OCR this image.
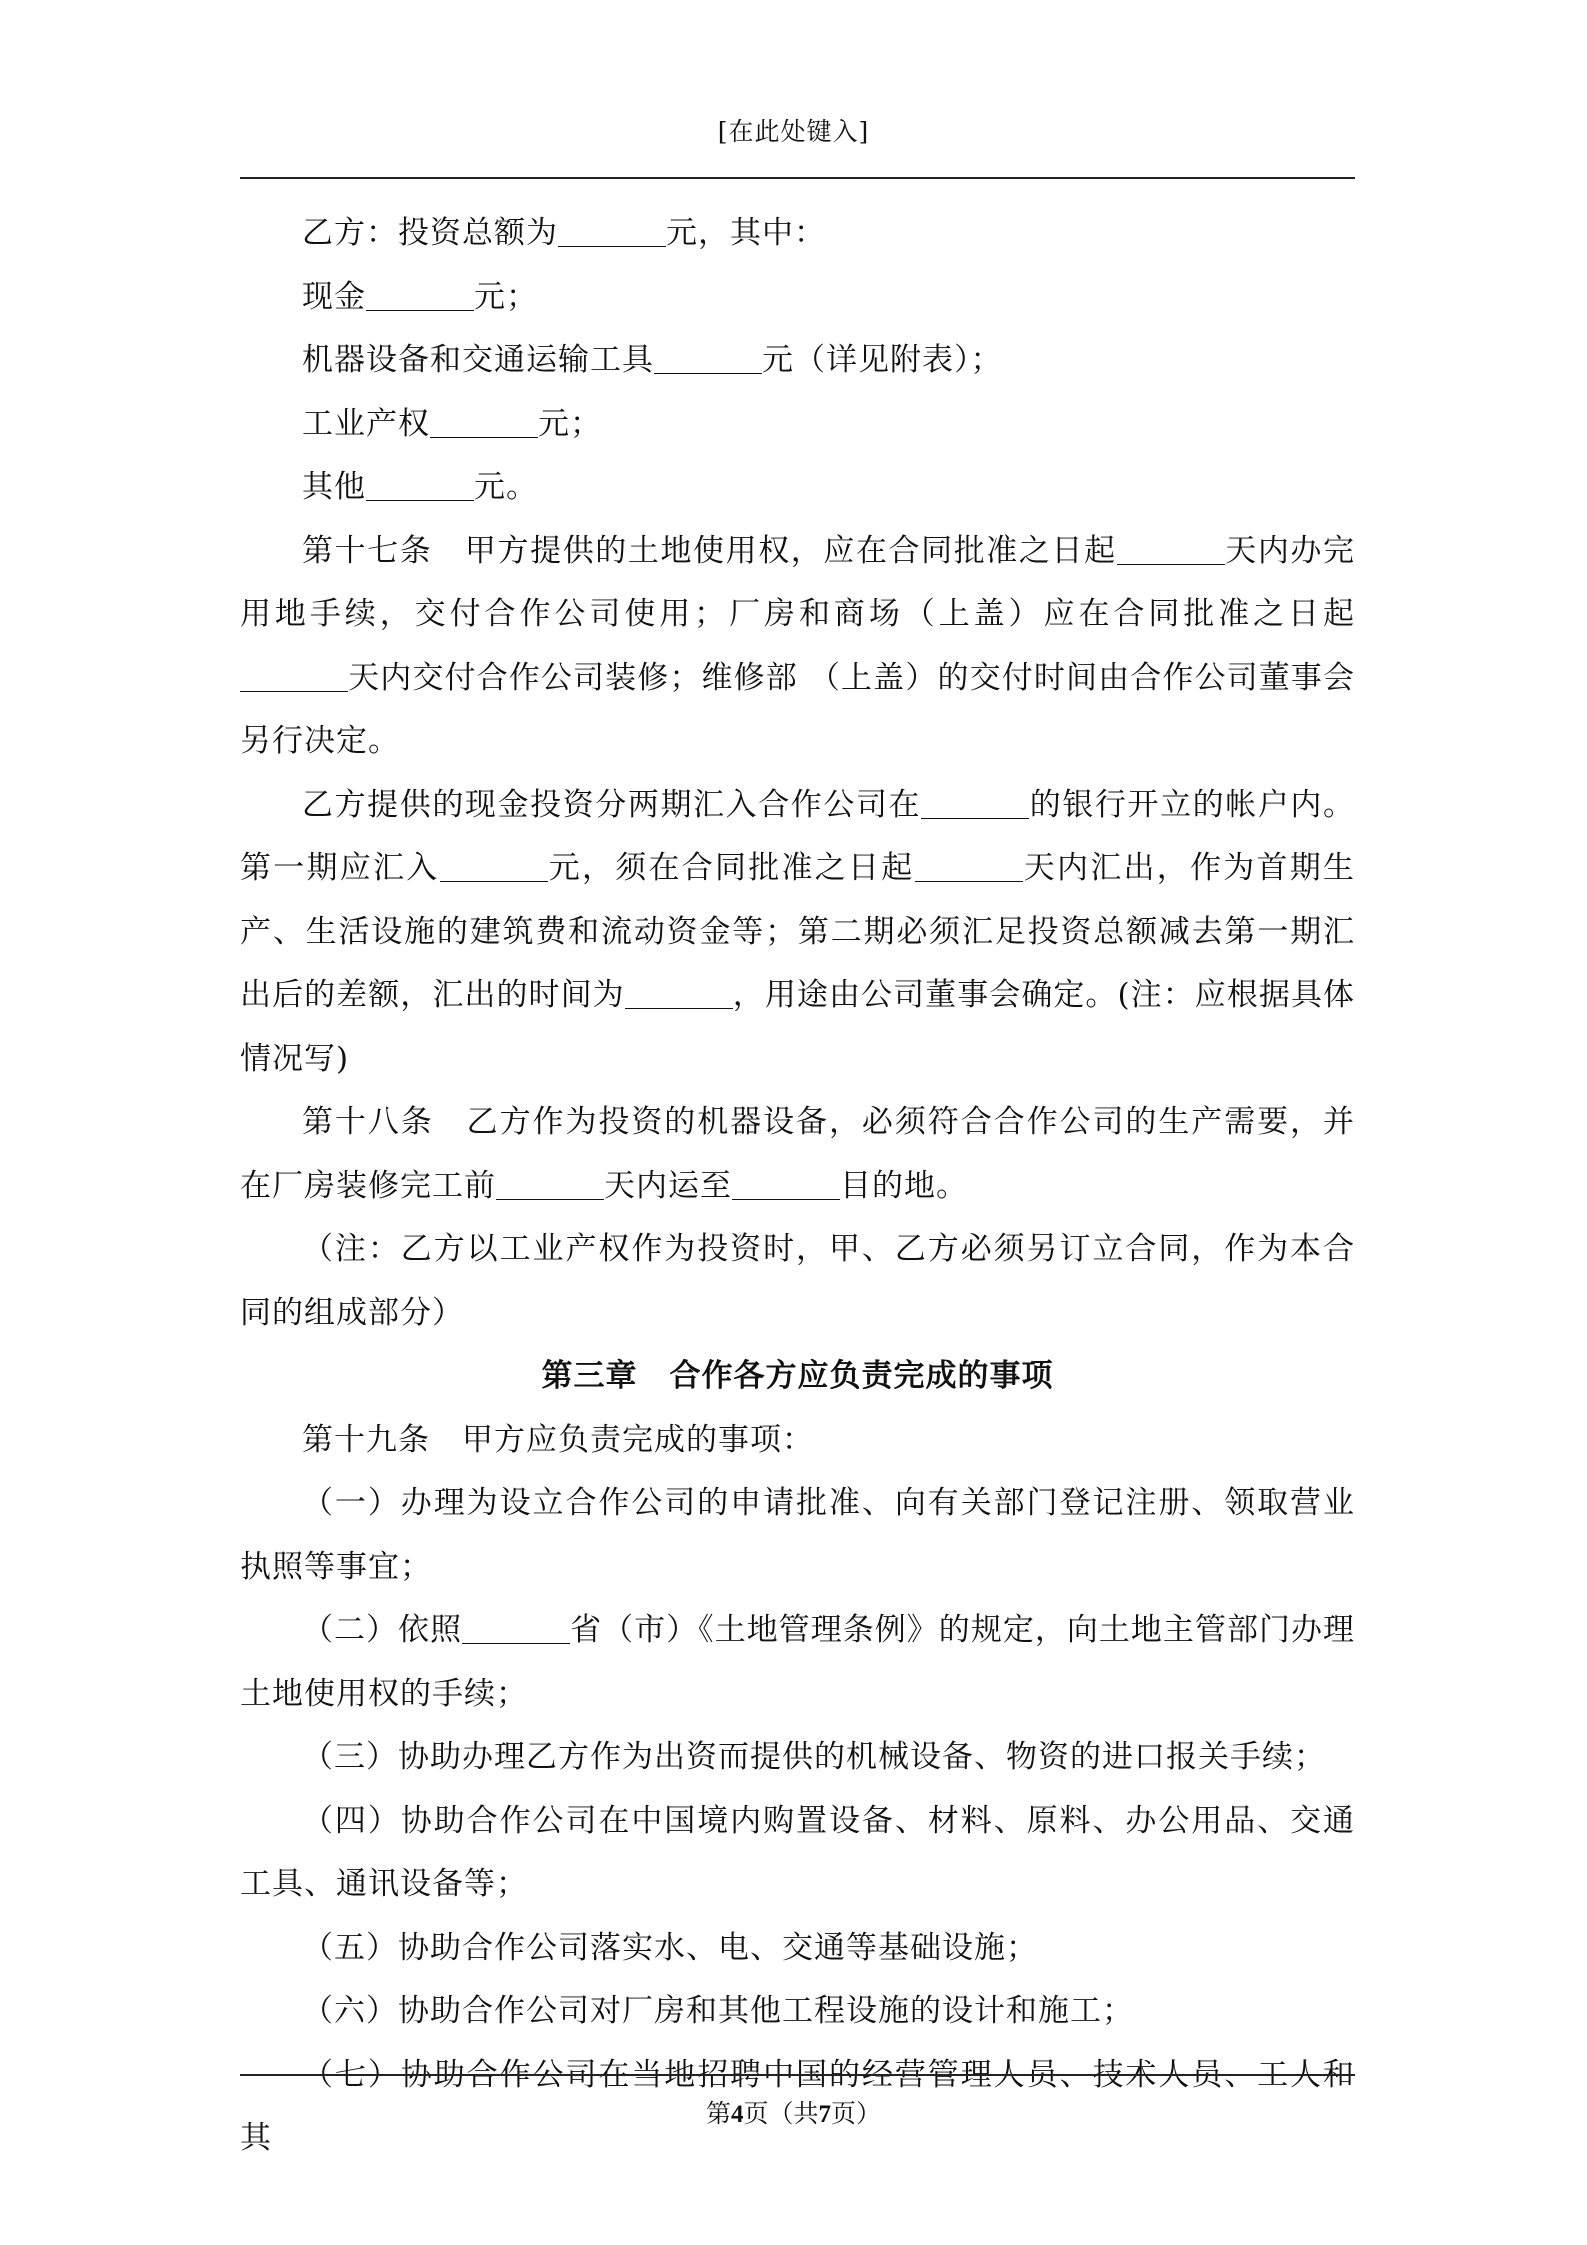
[在此处键入]

乙方：投资总额为	元，其中：

现金	元；

机器设备和交通运输工具	元（详见附表）；

工业产权	元；

其他	元。

第十七条　甲方提供的土地使用权，应在合同批准之日起	天内办完用地手续，交付合作公司使用；厂房和商场（上盖）应在合同批准之日起天内交付合作公司装修；维修部 （上盖）的交付时间由合作公司董事会另行决定。

乙方提供的现金投资分两期汇入合作公司在	的银行开立的帐户内。第一期应汇入	元，须在合同批准之日起	天内汇出，作为首期生产、生活设施的建筑费和流动资金等；第二期必须汇足投资总额减去第一期汇出后的差额，汇出的时间为	，用途由公司董事会确定。(注：应根据具体情况写)

第十八条　乙方作为投资的机器设备，必须符合合作公司的生产需要，并在厂房装修完工前	天内运至	目的地。

（注：乙方以工业产权作为投资时，甲、乙方必须另订立合同，作为本合同的组成部分）

第三章　合作各方应负责完成的事项

第十九条　甲方应负责完成的事项：

（一）办理为设立合作公司的申请批准、向有关部门登记注册、领取营业执照等事宜；

（二）依照	省（市）《土地管理条例》的规定，向土地主管部门办理土地使用权的手续；

（三）协助办理乙方作为出资而提供的机械设备、物资的进口报关手续；

（四）协助合作公司在中国境内购置设备、材料、原料、办公用品、交通工具、通讯设备等；

（五）协助合作公司落实水、电、交通等基础设施；

（六）协助合作公司对厂房和其他工程设施的设计和施工；

（七）协助合作公司在当地招聘中国的经营管理人员、技术人员、工人和其

第4页（共7页）
